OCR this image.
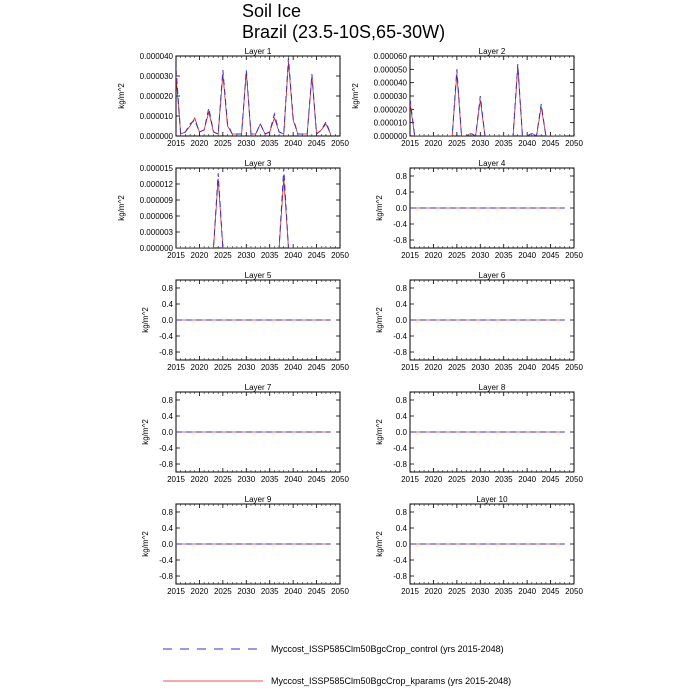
Soil Ice
Brazil (23.5-10S,65-30W)
Layer 1
2015 2020 2025 2030 2035 2040 2045 2050
0.000000
0.000010
0.000020
0.000030
0.000040
kg/m^2
Layer 2
2015 2020 2025 2030 2035 2040 2045 2050
0.000000
0.000010
0.000020
0.000030
0.000040
0.000050
0.000060
kg/m^2
Layer 3
2015 2020 2025 2030 2035 2040 2045 2050
0.000000
0.000003
0.000006
0.000009
0.000012
0.000015
kg/m^2
Layer 4
2015 2020 2025 2030 2035 2040 2045 2050
-0.8
-0.4
0.0
0.4
0.8
kg/m^2
Layer 5
2015 2020 2025 2030 2035 2040 2045 2050
-0.8
-0.4
0.0
0.4
0.8
kg/m^2
Layer 6
2015 2020 2025 2030 2035 2040 2045 2050
-0.8
-0.4
0.0
0.4
0.8
kg/m^2
Layer 7
2015 2020 2025 2030 2035 2040 2045 2050
-0.8
-0.4
0.0
0.4
0.8
kg/m^2
Layer 8
2015 2020 2025 2030 2035 2040 2045 2050
-0.8
-0.4
0.0
0.4
0.8
kg/m^2
Layer 9
2015 2020 2025 2030 2035 2040 2045 2050
-0.8
-0.4
0.0
0.4
0.8
kg/m^2
Layer 10
2015 2020 2025 2030 2035 2040 2045 2050
-0.8
-0.4
0.0
0.4
0.8
kg/m^2
Myccost_ISSP585Clm50BgcCrop_control (yrs 2015-2048)
Myccost_ISSP585Clm50BgcCrop_kparams (yrs 2015-2048)
